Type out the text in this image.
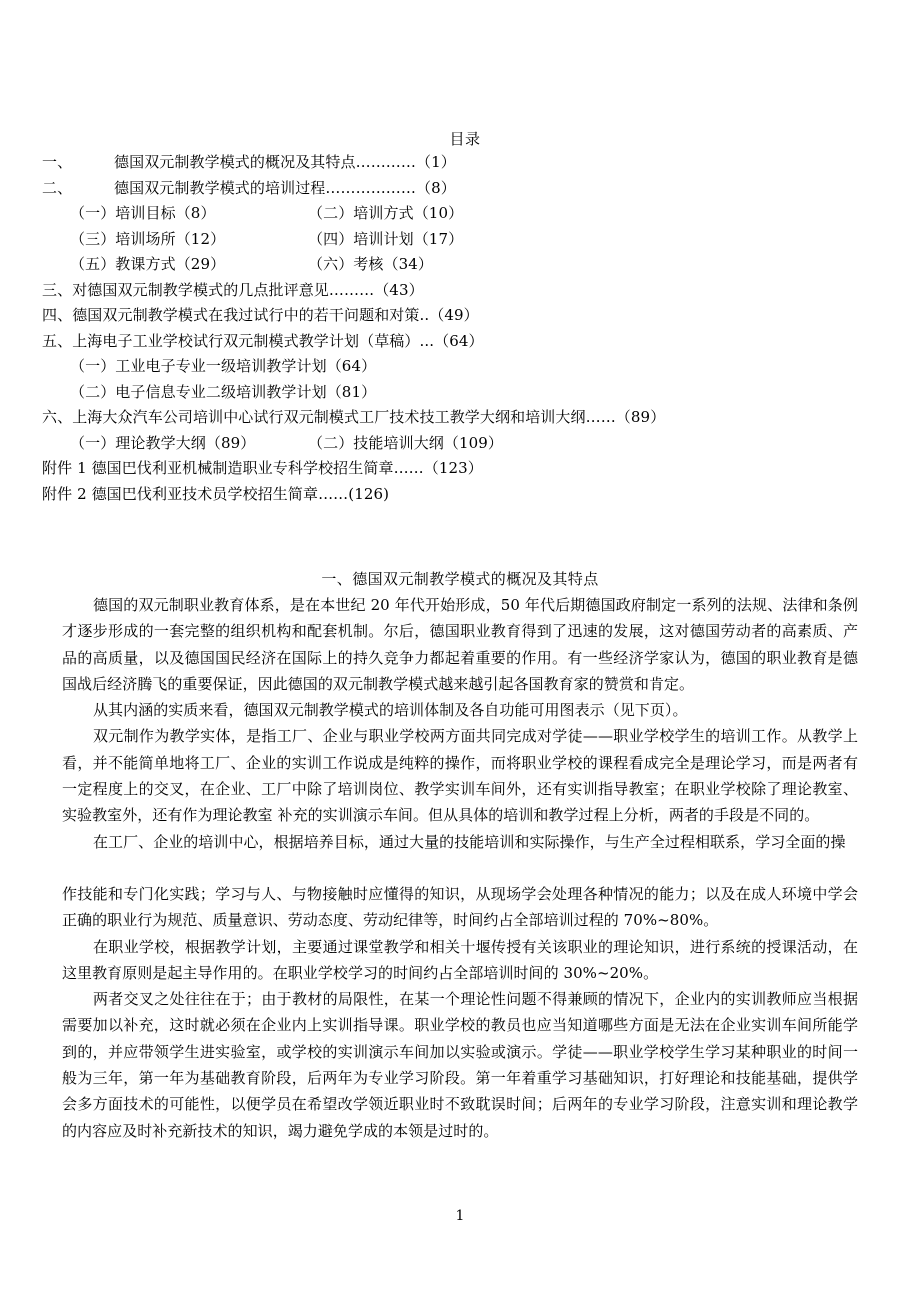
目录
一、	德国双元制教学模式的概况及其特点…………（1）
二、	德国双元制教学模式的培训过程………………（8）
（一）培训目标（8）	（二）培训方式（10）
（三）培训场所（12）	（四）培训计划（17）
（五）教课方式（29）	（六）考核（34）
三、对德国双元制教学模式的几点批评意见………（43）
四、德国双元制教学模式在我过试行中的若干问题和对策..（49）
五、上海电子工业学校试行双元制模式教学计划（草稿）...（64）
（一）工业电子专业一级培训教学计划（64）
（二）电子信息专业二级培训教学计划（81）
六、上海大众汽车公司培训中心试行双元制模式工厂技术技工教学大纲和培训大纲……（89）
（一）理论教学大纲（89）	（二）技能培训大纲（109）
附件 1 德国巴伐利亚机械制造职业专科学校招生简章……（123）
附件 2 德国巴伐利亚技术员学校招生简章……(126)
一、德国双元制教学模式的概况及其特点

德国的双元制职业教育体系，是在本世纪 20 年代开始形成，50 年代后期德国政府制定一系列的法规、法律和条例才逐步形成的一套完整的组织机构和配套机制。尔后，德国职业教育得到了迅速的发展，这对德国劳动者的高素质、产品的高质量，以及德国国民经济在国际上的持久竞争力都起着重要的作用。有一些经济学家认为，德国的职业教育是德国战后经济腾飞的重要保证，因此德国的双元制教学模式越来越引起各国教育家的赞赏和肯定。

从其内涵的实质来看，德国双元制教学模式的培训体制及各自功能可用图表示（见下页）。

双元制作为教学实体，是指工厂、企业与职业学校两方面共同完成对学徒——职业学校学生的培训工作。从教学上看，并不能简单地将工厂、企业的实训工作说成是纯粹的操作，而将职业学校的课程看成完全是理论学习，而是两者有一定程度上的交叉，在企业、工厂中除了培训岗位、教学实训车间外，还有实训指导教室；在职业学校除了理论教室、实验教室外，还有作为理论教室 补充的实训演示车间。但从具体的培训和教学过程上分析，两者的手段是不同的。

在工厂、企业的培训中心，根据培养目标，通过大量的技能培训和实际操作，与生产全过程相联系，学习全面的操

作技能和专门化实践；学习与人、与物接触时应懂得的知识，从现场学会处理各种情况的能力；以及在成人环境中学会正确的职业行为规范、质量意识、劳动态度、劳动纪律等，时间约占全部培训过程的 70%~80%。

在职业学校，根据教学计划，主要通过课堂教学和相关十堰传授有关该职业的理论知识，进行系统的授课活动，在这里教育原则是起主导作用的。在职业学校学习的时间约占全部培训时间的 30%~20%。

两者交叉之处往往在于；由于教材的局限性，在某一个理论性问题不得兼顾的情况下，企业内的实训教师应当根据需要加以补充，这时就必须在企业内上实训指导课。职业学校的教员也应当知道哪些方面是无法在企业实训车间所能学到的，并应带领学生进实验室，或学校的实训演示车间加以实验或演示。学徒——职业学校学生学习某种职业的时间一般为三年，第一年为基础教育阶段，后两年为专业学习阶段。第一年着重学习基础知识，打好理论和技能基础，提供学会多方面技术的可能性，以便学员在希望改学领近职业时不致耽误时间；后两年的专业学习阶段，注意实训和理论教学的内容应及时补充新技术的知识，竭力避免学成的本领是过时的。

1
